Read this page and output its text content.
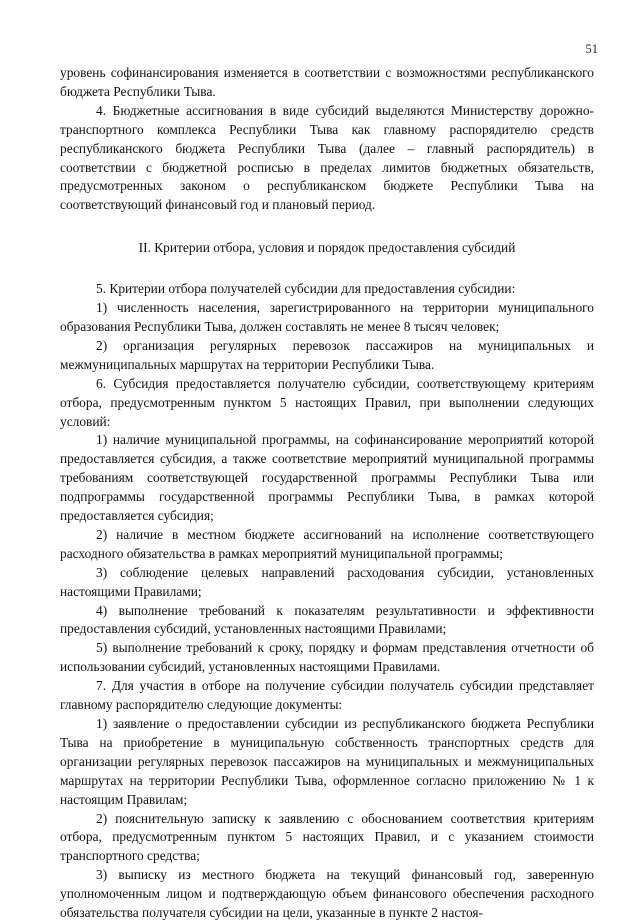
51

уровень софинансирования изменяется в соответствии с возможностями республиканского бюджета Республики Тыва.

4. Бюджетные ассигнования в виде субсидий выделяются Министерству дорожно-транспортного комплекса Республики Тыва как главному распорядителю средств республиканского бюджета Республики Тыва (далее – главный распорядитель) в соответствии с бюджетной росписью в пределах лимитов бюджетных обязательств, предусмотренных законом о республиканском бюджете Республики Тыва на соответствующий финансовый год и плановый период.

II. Критерии отбора, условия и порядок предоставления субсидий

5. Критерии отбора получателей субсидии для предоставления субсидии:

1) численность населения, зарегистрированного на территории муниципального образования Республики Тыва, должен составлять не менее 8 тысяч человек;

2) организация регулярных перевозок пассажиров на муниципальных и межмуниципальных маршрутах на территории Республики Тыва.

6. Субсидия предоставляется получателю субсидии, соответствующему критериям отбора, предусмотренным пунктом 5 настоящих Правил, при выполнении следующих условий:

1) наличие муниципальной программы, на софинансирование мероприятий которой предоставляется субсидия, а также соответствие мероприятий муниципальной программы требованиям соответствующей государственной программы Республики Тыва или подпрограммы государственной программы Республики Тыва, в рамках которой предоставляется субсидия;

2) наличие в местном бюджете ассигнований на исполнение соответствующего расходного обязательства в рамках мероприятий муниципальной программы;

3) соблюдение целевых направлений расходования субсидии, установленных настоящими Правилами;

4) выполнение требований к показателям результативности и эффективности предоставления субсидий, установленных настоящими Правилами;

5) выполнение требований к сроку, порядку и формам представления отчетности об использовании субсидий, установленных настоящими Правилами.

7. Для участия в отборе на получение субсидии получатель субсидии представляет главному распорядителю следующие документы:

1) заявление о предоставлении субсидии из республиканского бюджета Республики Тыва на приобретение в муниципальную собственность транспортных средств для организации регулярных перевозок пассажиров на муниципальных и межмуниципальных маршрутах на территории Республики Тыва, оформленное согласно приложению № 1 к настоящим Правилам;

2) пояснительную записку к заявлению с обоснованием соответствия критериям отбора, предусмотренным пунктом 5 настоящих Правил, и с указанием стоимости транспортного средства;

3) выписку из местного бюджета на текущий финансовый год, заверенную уполномоченным лицом и подтверждающую объем финансового обеспечения расходного обязательства получателя субсидии на цели, указанные в пункте 2 настоя-
